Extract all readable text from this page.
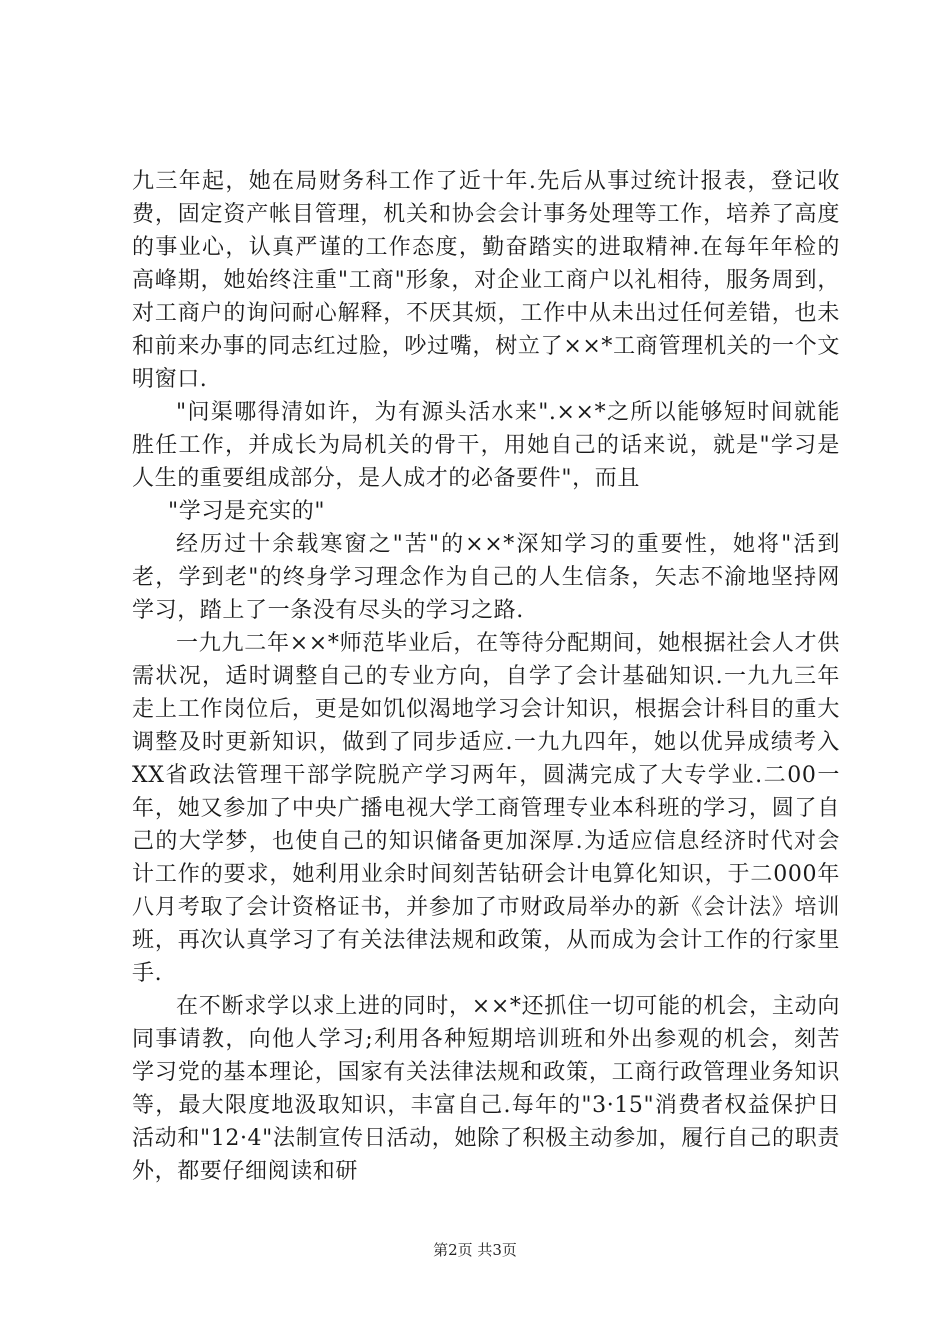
九三年起，她在局财务科工作了近十年.先后从事过统计报表，登记收费，固定资产帐目管理，机关和协会会计事务处理等工作，培养了高度的事业心，认真严谨的工作态度，勤奋踏实的进取精神.在每年年检的高峰期，她始终注重"工商"形象，对企业工商户以礼相待，服务周到，对工商户的询问耐心解释，不厌其烦，工作中从未出过任何差错，也未和前来办事的同志红过脸，吵过嘴，树立了××*工商管理机关的一个文明窗口.

"问渠哪得清如许，为有源头活水来".××*之所以能够短时间就能胜任工作，并成长为局机关的骨干，用她自己的话来说，就是"学习是人生的重要组成部分，是人成才的必备要件"，而且

"学习是充实的"

经历过十余载寒窗之"苦"的××*深知学习的重要性，她将"活到老，学到老"的终身学习理念作为自己的人生信条，矢志不渝地坚持网学习，踏上了一条没有尽头的学习之路.

一九九二年××*师范毕业后，在等待分配期间，她根据社会人才供需状况，适时调整自己的专业方向，自学了会计基础知识.一九九三年走上工作岗位后，更是如饥似渴地学习会计知识，根据会计科目的重大调整及时更新知识，做到了同步适应.一九九四年，她以优异成绩考入XX省政法管理干部学院脱产学习两年，圆满完成了大专学业.二00一年，她又参加了中央广播电视大学工商管理专业本科班的学习，圆了自己的大学梦，也使自己的知识储备更加深厚.为适应信息经济时代对会计工作的要求，她利用业余时间刻苦钻研会计电算化知识，于二000年八月考取了会计资格证书，并参加了市财政局举办的新《会计法》培训班，再次认真学习了有关法律法规和政策，从而成为会计工作的行家里手.

在不断求学以求上进的同时，××*还抓住一切可能的机会，主动向同事请教，向他人学习;利用各种短期培训班和外出参观的机会，刻苦学习党的基本理论，国家有关法律法规和政策，工商行政管理业务知识等，最大限度地汲取知识，丰富自己.每年的"3·15"消费者权益保护日活动和"12·4"法制宣传日活动，她除了积极主动参加，履行自己的职责外，都要仔细阅读和研

第2页 共3页
